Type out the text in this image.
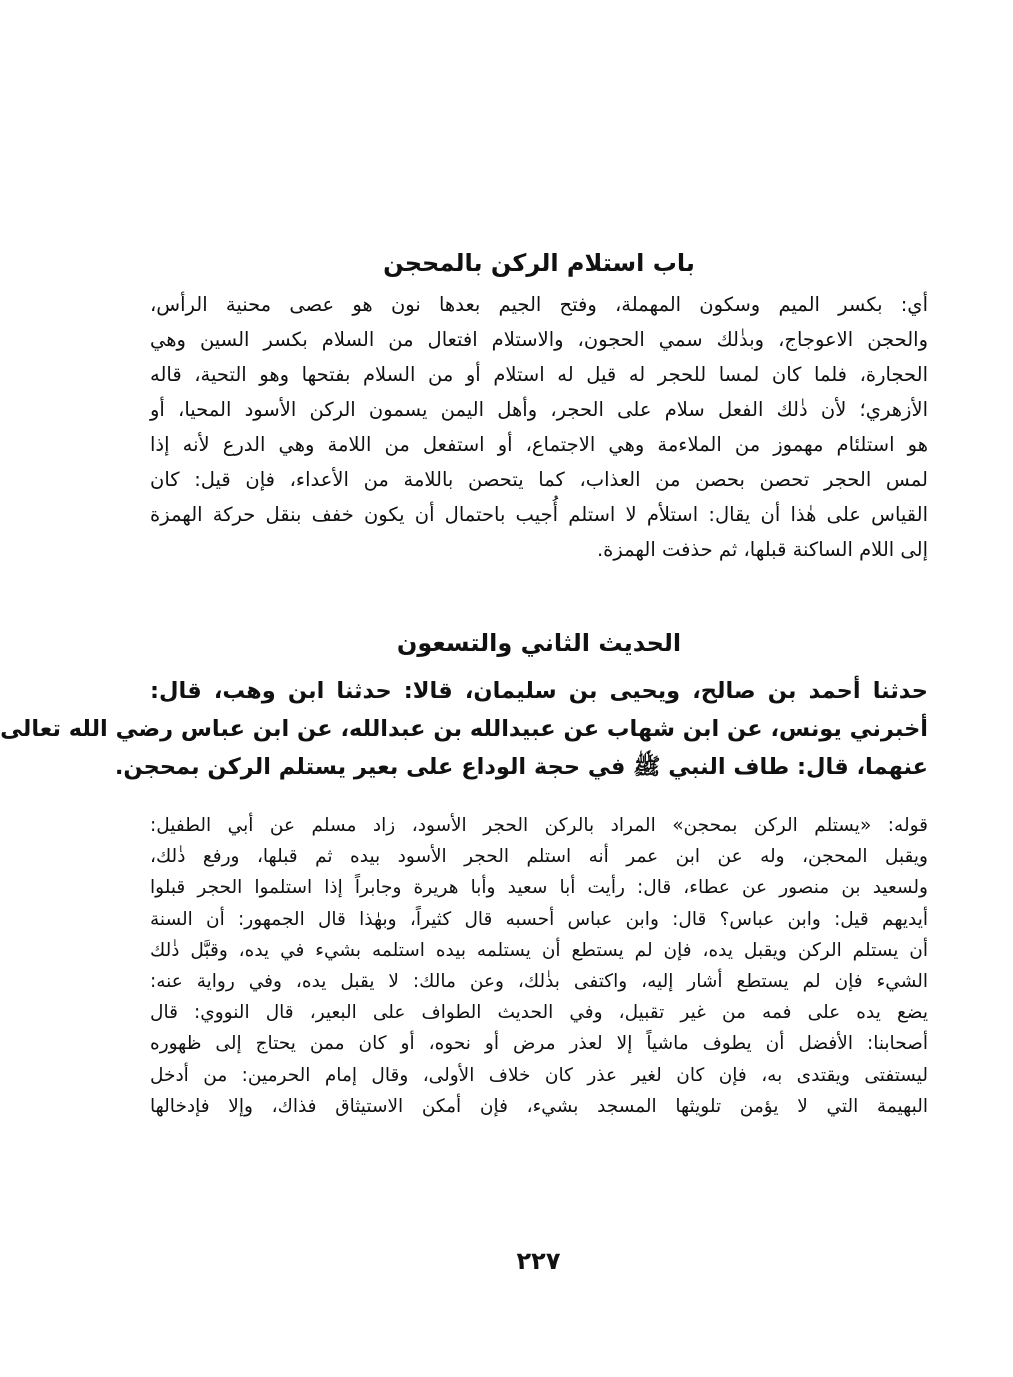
باب استلام الركن بالمحجن
أي: بكسر الميم وسكون المهملة، وفتح الجيم بعدها نون هو عصى محنية الرأس،
والحجن الاعوجاج، وبذٰلك سمي الحجون، والاستلام افتعال من السلام بكسر السين وهي
الحجارة، فلما كان لمسا للحجر له قيل له استلام أو من السلام بفتحها وهو التحية، قاله
الأزهري؛ لأن ذٰلك الفعل سلام على الحجر، وأهل اليمن يسمون الركن الأسود المحيا، أو
هو استلئام مهموز من الملاءمة وهي الاجتماع، أو استفعل من اللامة وهي الدرع لأنه إذا
لمس الحجر تحصن بحصن من العذاب، كما يتحصن باللامة من الأعداء، فإن قيل: كان
القياس على هٰذا أن يقال: استلأم لا استلم أُجيب باحتمال أن يكون خفف بنقل حركة الهمزة
إلى اللام الساكنة قبلها، ثم حذفت الهمزة.
الحديث الثاني والتسعون
حدثنا أحمد بن صالح، ويحيى بن سليمان، قالا: حدثنا ابن وهب، قال:
أخبرني يونس، عن ابن شهاب عن عبيدالله بن عبدالله، عن ابن عباس رضي الله تعالى
عنهما، قال: طاف النبي ﷺ في حجة الوداع على بعير يستلم الركن بمحجن.
قوله: «يستلم الركن بمحجن» المراد بالركن الحجر الأسود، زاد مسلم عن أبي الطفيل:
ويقبل المحجن، وله عن ابن عمر أنه استلم الحجر الأسود بيده ثم قبلها، ورفع ذٰلك،
ولسعيد بن منصور عن عطاء، قال: رأيت أبا سعيد وأبا هريرة وجابراً إذا استلموا الحجر قبلوا
أيديهم قيل: وابن عباس؟ قال: وابن عباس أحسبه قال كثيراً، وبهٰذا قال الجمهور: أن السنة
أن يستلم الركن ويقبل يده، فإن لم يستطع أن يستلمه بيده استلمه بشيء في يده، وقبَّل ذٰلك
الشيء فإن لم يستطع أشار إليه، واكتفى بذٰلك، وعن مالك: لا يقبل يده، وفي رواية عنه:
يضع يده على فمه من غير تقبيل، وفي الحديث الطواف على البعير، قال النووي: قال
أصحابنا: الأفضل أن يطوف ماشياً إلا لعذر مرض أو نحوه، أو كان ممن يحتاج إلى ظهوره
ليستفتى ويقتدى به، فإن كان لغير عذر كان خلاف الأولى، وقال إمام الحرمين: من أدخل
البهيمة التي لا يؤمن تلويثها المسجد بشيء، فإن أمكن الاستيثاق فذاك، وإلا فإدخالها
٢٢٧
